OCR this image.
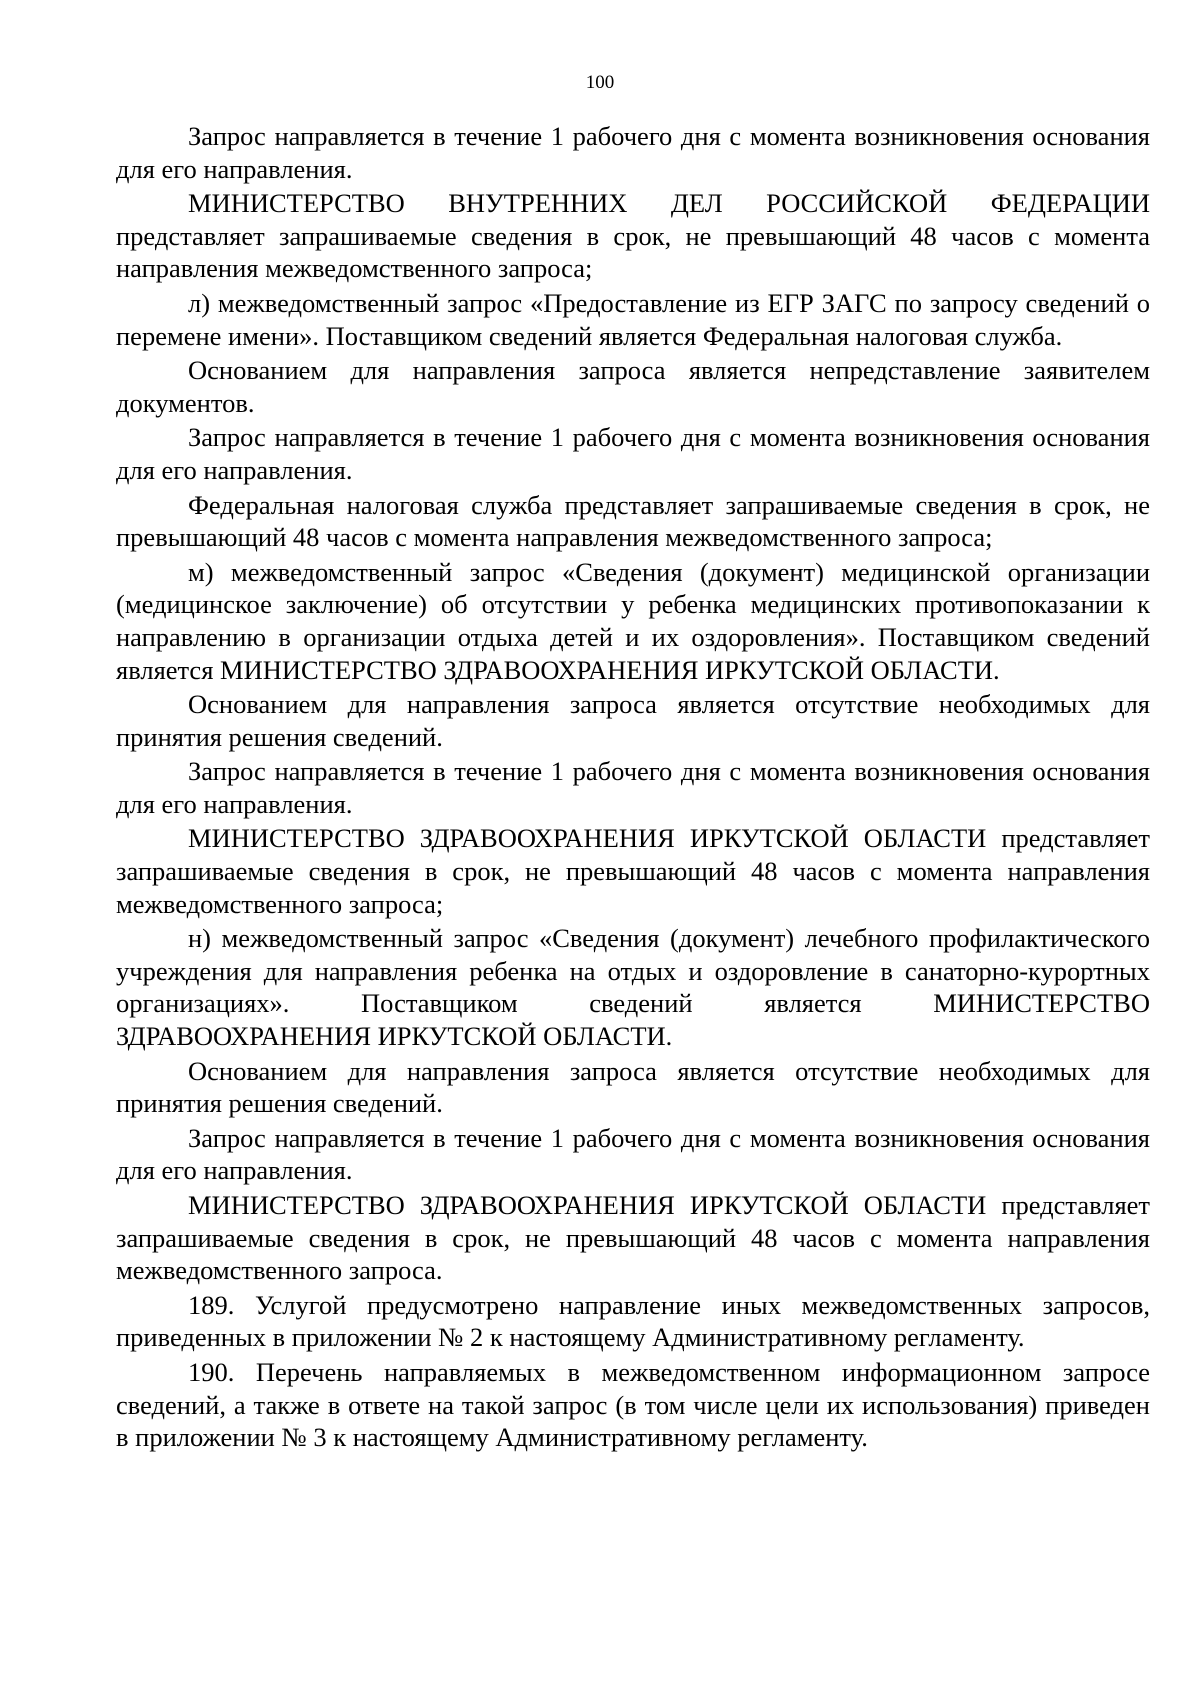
100

Запрос направляется в течение 1 рабочего дня с момента возникновения основания для его направления.

МИНИСТЕРСТВО ВНУТРЕННИХ ДЕЛ РОССИЙСКОЙ ФЕДЕРАЦИИ представляет запрашиваемые сведения в срок, не превышающий 48 часов с момента направления межведомственного запроса;

л) межведомственный запрос «Предоставление из ЕГР ЗАГС по запросу сведений о перемене имени». Поставщиком сведений является Федеральная налоговая служба.

Основанием для направления запроса является непредставление заявителем документов.

Запрос направляется в течение 1 рабочего дня с момента возникновения основания для его направления.

Федеральная налоговая служба представляет запрашиваемые сведения в срок, не превышающий 48 часов с момента направления межведомственного запроса;

м) межведомственный запрос «Сведения (документ) медицинской организации (медицинское заключение) об отсутствии у ребенка медицинских противопоказании к направлению в организации отдыха детей и их оздоровления». Поставщиком сведений является МИНИСТЕРСТВО ЗДРАВООХРАНЕНИЯ ИРКУТСКОЙ ОБЛАСТИ.

Основанием для направления запроса является отсутствие необходимых для принятия решения сведений.

Запрос направляется в течение 1 рабочего дня с момента возникновения основания для его направления.

МИНИСТЕРСТВО ЗДРАВООХРАНЕНИЯ ИРКУТСКОЙ ОБЛАСТИ представляет запрашиваемые сведения в срок, не превышающий 48 часов с момента направления межведомственного запроса;

н) межведомственный запрос «Сведения (документ) лечебного профилактического учреждения для направления ребенка на отдых и оздоровление в санаторно-курортных организациях». Поставщиком сведений является МИНИСТЕРСТВО ЗДРАВООХРАНЕНИЯ ИРКУТСКОЙ ОБЛАСТИ.

Основанием для направления запроса является отсутствие необходимых для принятия решения сведений.

Запрос направляется в течение 1 рабочего дня с момента возникновения основания для его направления.

МИНИСТЕРСТВО ЗДРАВООХРАНЕНИЯ ИРКУТСКОЙ ОБЛАСТИ представляет запрашиваемые сведения в срок, не превышающий 48 часов с момента направления межведомственного запроса.

189. Услугой предусмотрено направление иных межведомственных запросов, приведенных в приложении № 2 к настоящему Административному регламенту.

190. Перечень направляемых в межведомственном информационном запросе сведений, а также в ответе на такой запрос (в том числе цели их использования) приведен в приложении № 3 к настоящему Административному регламенту.
